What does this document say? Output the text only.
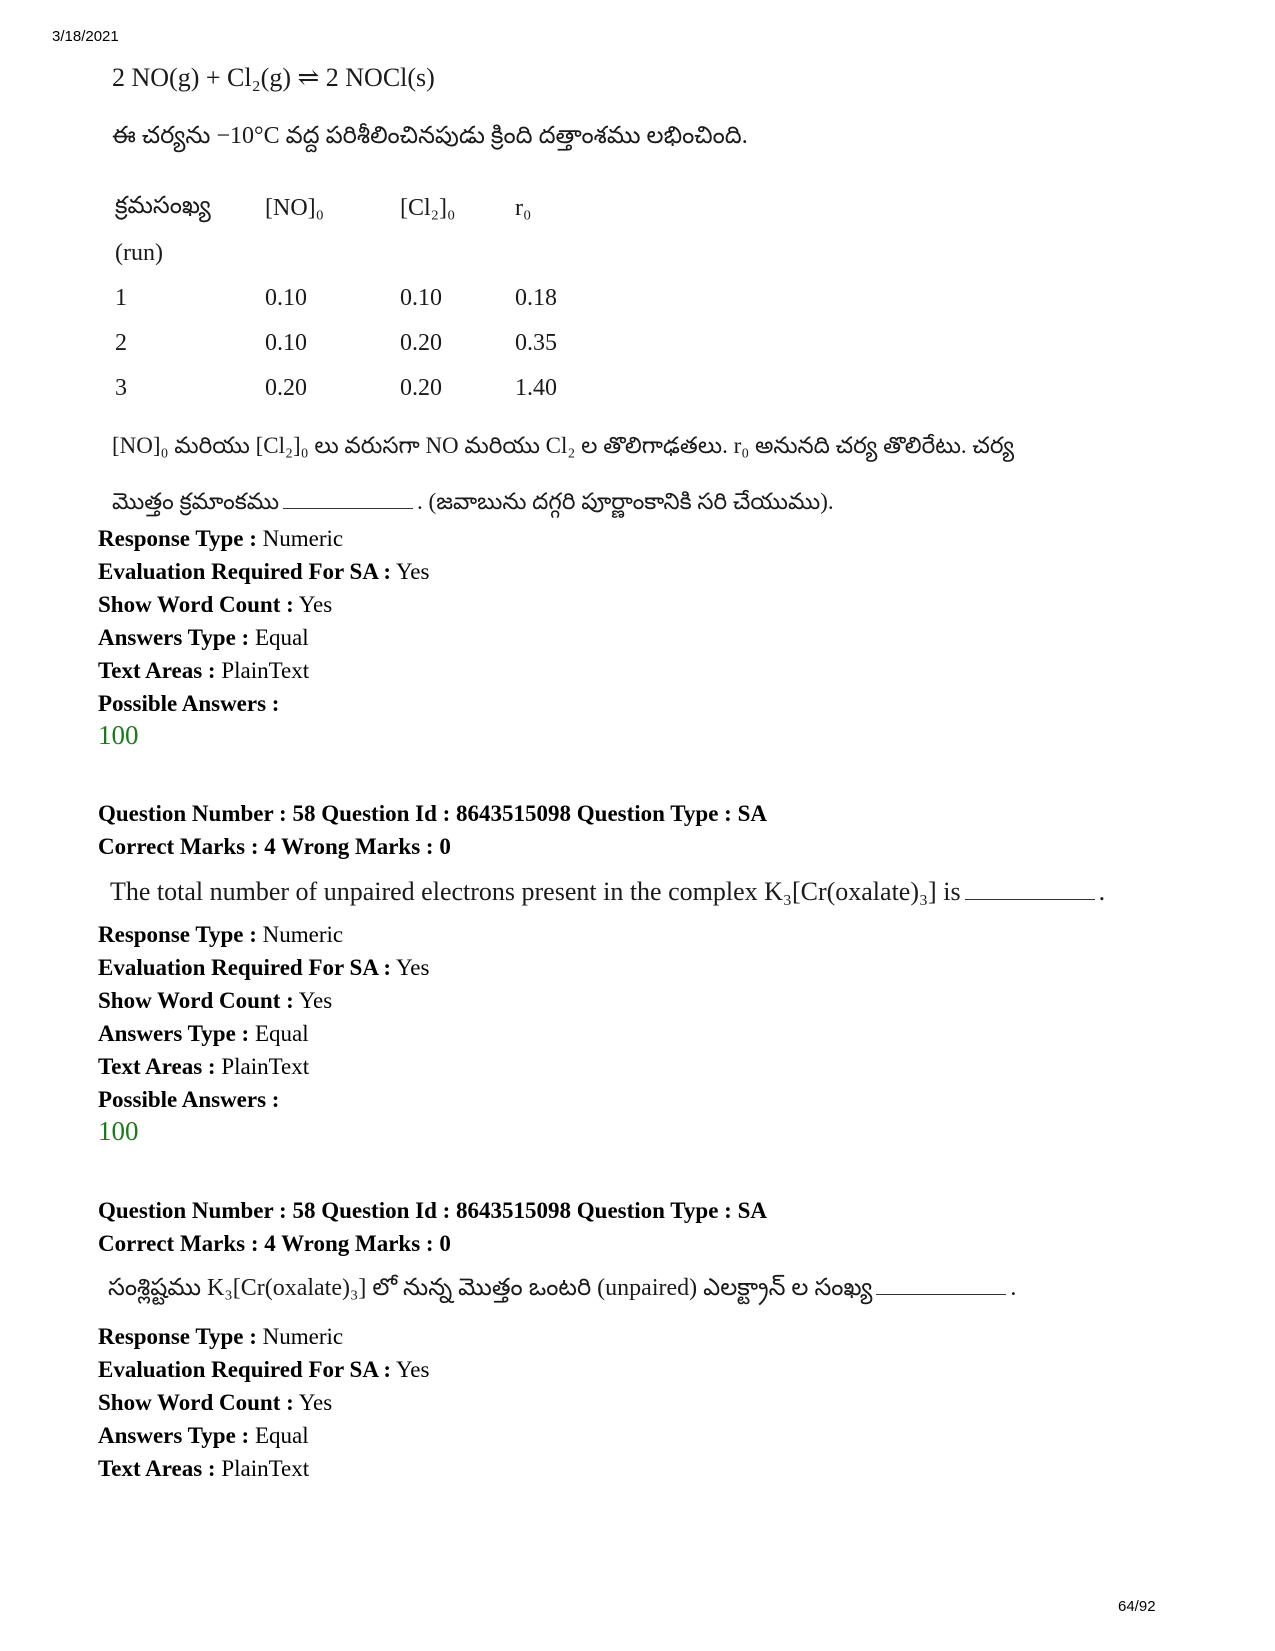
3/18/2021
2 NO(g) + Cl₂(g) ⇌ 2 NOCl(s)
ఈ చర్యను −10°C వద్ద పరిశీలించినపుడు క్రింది దత్తాంశము లభించింది.
క్రమసంఖ్య	[NO]₀	[Cl₂]₀	r₀
(run)			
1	0.10	0.10	0.18
2	0.10	0.20	0.35
3	0.20	0.20	1.40
[NO]₀ మరియు [Cl₂]₀ లు వరుసగా NO మరియు Cl₂ ల తొలిగాఢతలు. r₀ అనునది చర్య తొలిరేటు. చర్య
మొత్తం క్రమాంకము	. (జవాబును దగ్గరి పూర్ణాంకానికి సరి చేయుము).
Response Type : Numeric
Evaluation Required For SA : Yes
Show Word Count : Yes
Answers Type : Equal
Text Areas : PlainText
Possible Answers :
100
Question Number : 58 Question Id : 8643515098 Question Type : SA
Correct Marks : 4 Wrong Marks : 0
The total number of unpaired electrons present in the complex K₃[Cr(oxalate)₃] is	.
Response Type : Numeric
Evaluation Required For SA : Yes
Show Word Count : Yes
Answers Type : Equal
Text Areas : PlainText
Possible Answers :
100
Question Number : 58 Question Id : 8643515098 Question Type : SA
Correct Marks : 4 Wrong Marks : 0
సంశ్లిష్టము K₃[Cr(oxalate)₃] లో నున్న మొత్తం ఒంటరి (unpaired) ఎలక్ట్రాన్ ల సంఖ్య	.
Response Type : Numeric
Evaluation Required For SA : Yes
Show Word Count : Yes
Answers Type : Equal
Text Areas : PlainText
64/92
